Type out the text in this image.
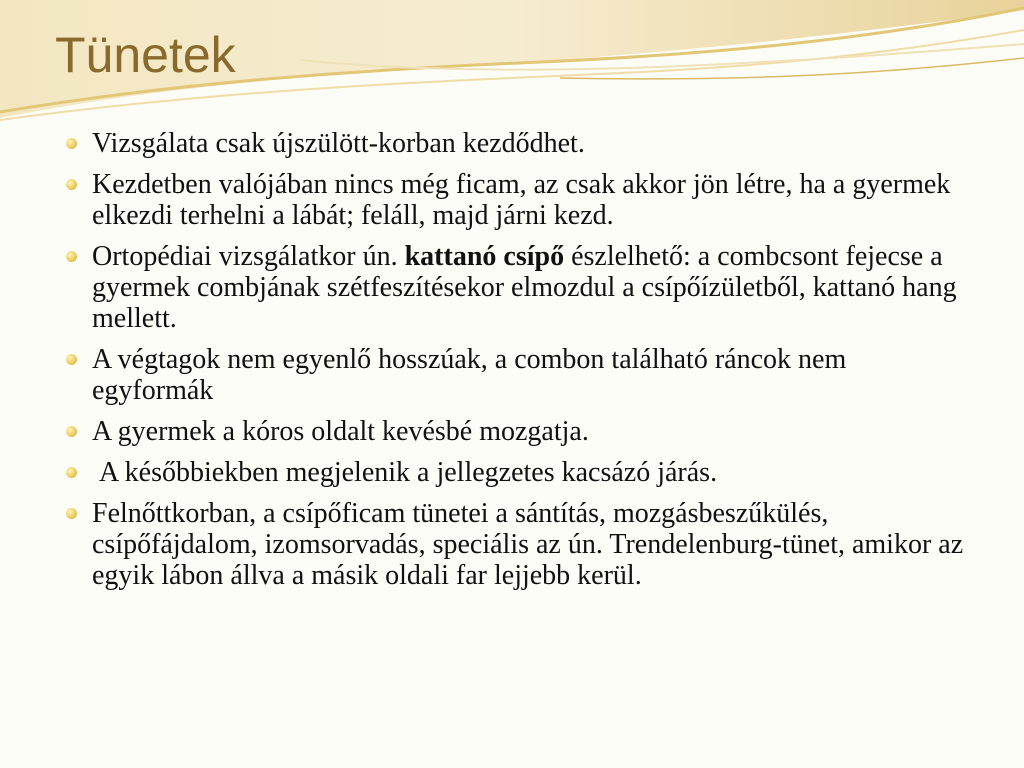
Tünetek
Vizsgálata csak újszülött-korban kezdődhet.
Kezdetben valójában nincs még ficam, az csak akkor jön létre, ha a gyermek elkezdi terhelni a lábát; feláll, majd járni kezd.
Ortopédiai vizsgálatkor ún. kattanó csípő észlelhető: a combcsont fejecse a gyermek combjának szétfeszítésekor elmozdul a csípőízületből, kattanó hang mellett.
A végtagok nem egyenlő hosszúak, a combon található ráncok nem egyformák
A gyermek a kóros oldalt kevésbé mozgatja.
A későbbiekben megjelenik a jellegzetes kacsázó járás.
Felnőttkorban, a csípőficam tünetei a sántítás, mozgásbeszűkülés, csípőfájdalom, izomsorvadás, speciális az ún. Trendelenburg-tünet, amikor az egyik lábon állva a másik oldali far lejjebb kerül.
